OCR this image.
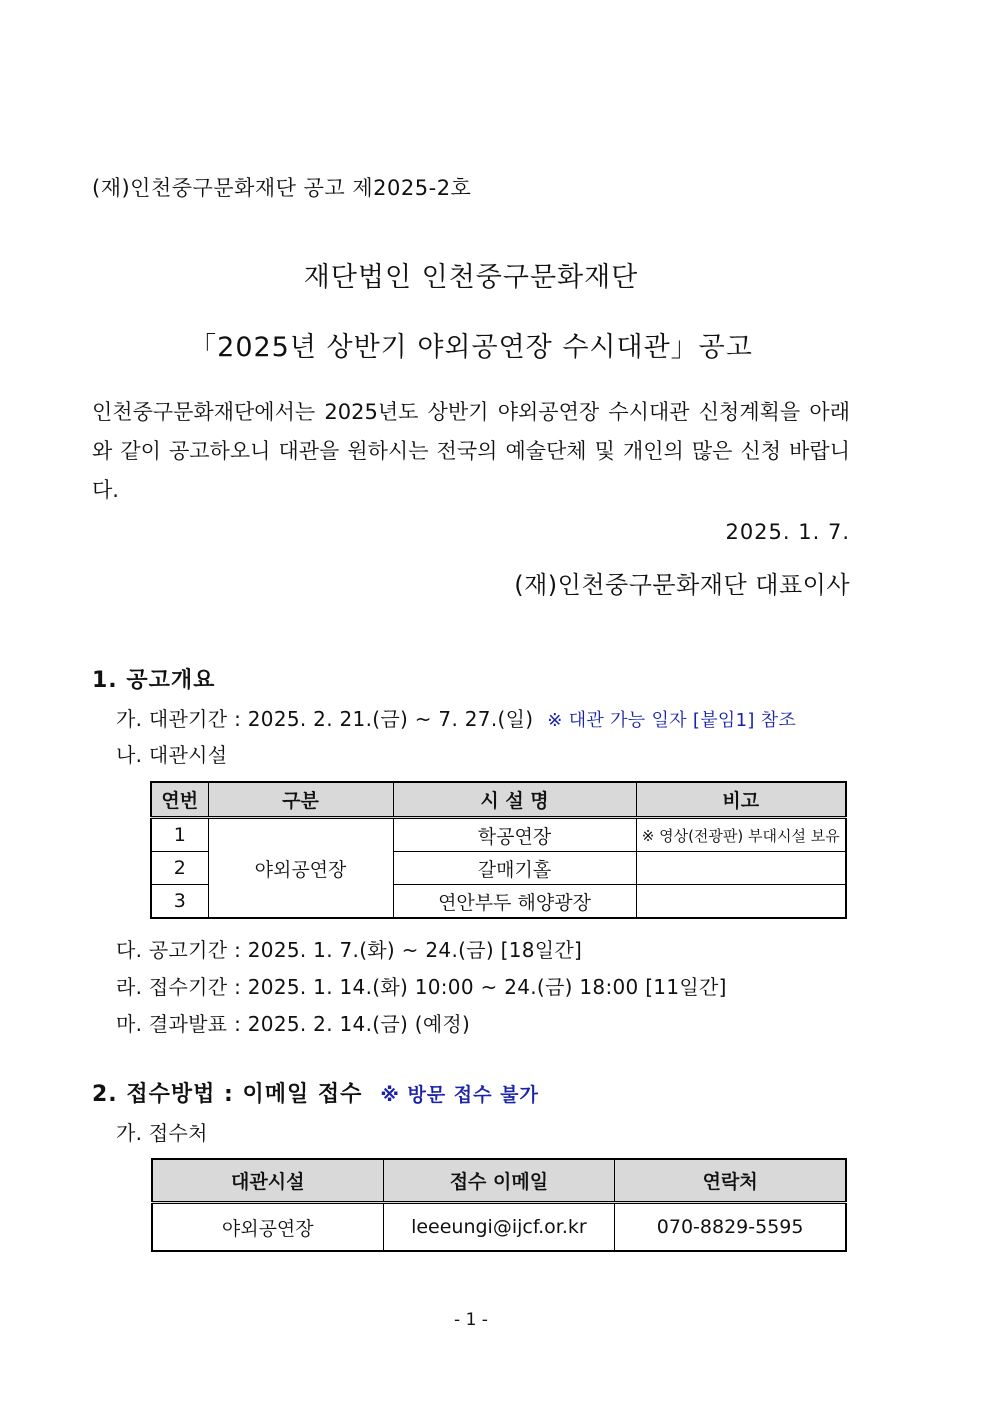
(재)인천중구문화재단 공고 제2025-2호
재단법인 인천중구문화재단
「2025년 상반기 야외공연장 수시대관」공고
인천중구문화재단에서는 2025년도 상반기 야외공연장 수시대관 신청계획을 아래와 같이 공고하오니 대관을 원하시는 전국의 예술단체 및 개인의 많은 신청 바랍니다.
2025. 1. 7.
(재)인천중구문화재단 대표이사
1. 공고개요
가. 대관기간 : 2025. 2. 21.(금) ~ 7. 27.(일) ※ 대관 가능 일자 [붙임1] 참조
나. 대관시설
연번	구분	시 설 명	비고
1	야외공연장	학공연장	※ 영상(전광판) 부대시설 보유
2		갈매기홀	
3		연안부두 해양광장	
다. 공고기간 : 2025. 1. 7.(화) ~ 24.(금) [18일간]
라. 접수기간 : 2025. 1. 14.(화) 10:00 ~ 24.(금) 18:00 [11일간]
마. 결과발표 : 2025. 2. 14.(금) (예정)
2. 접수방법 : 이메일 접수 ※ 방문 접수 불가
가. 접수처
대관시설	접수 이메일	연락처
야외공연장	leeeungi@ijcf.or.kr	070-8829-5595
- 1 -
